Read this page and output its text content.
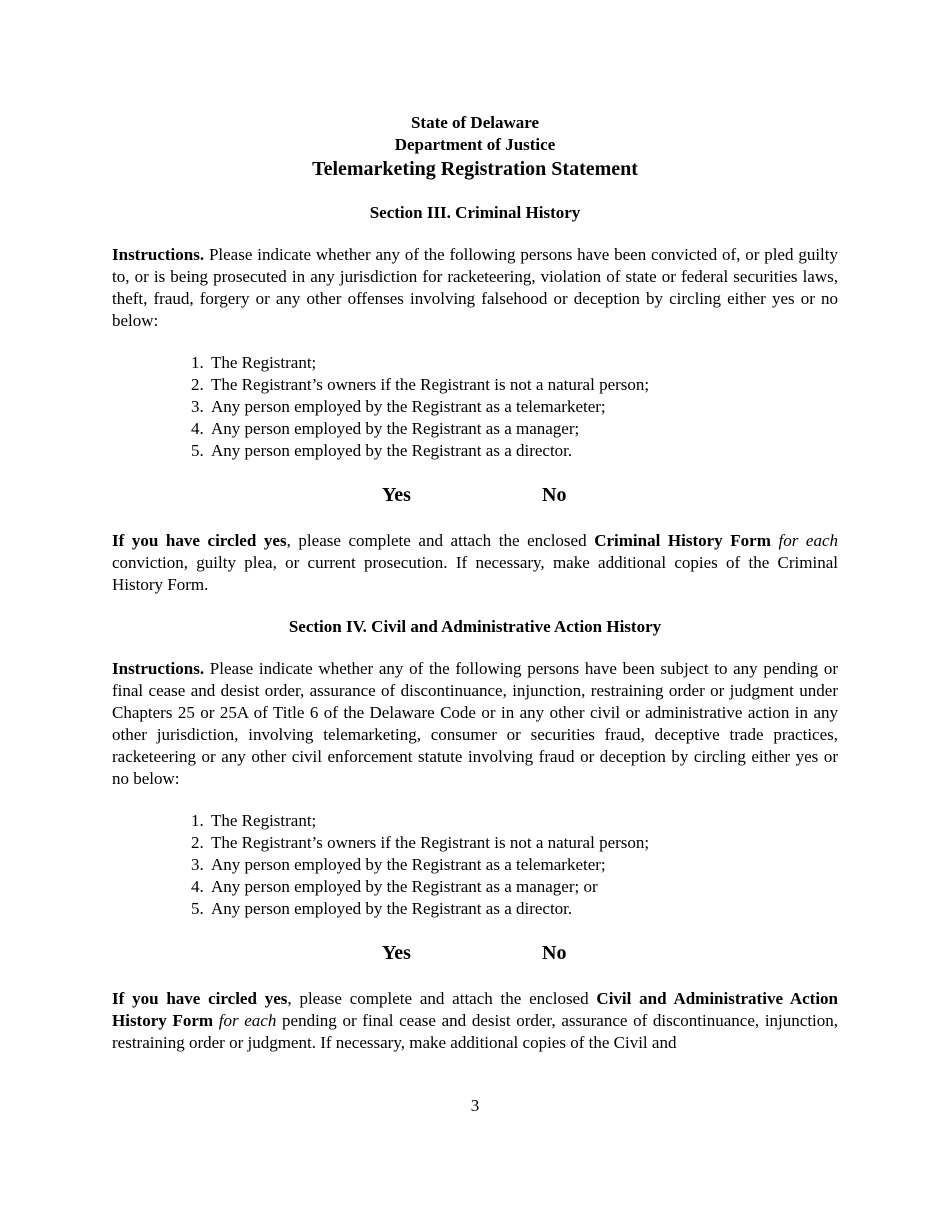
State of Delaware
Department of Justice
Telemarketing Registration Statement
Section III. Criminal History
Instructions. Please indicate whether any of the following persons have been convicted of, or pled guilty to, or is being prosecuted in any jurisdiction for racketeering, violation of state or federal securities laws, theft, fraud, forgery or any other offenses involving falsehood or deception by circling either yes or no below:
1. The Registrant;
2. The Registrant’s owners if the Registrant is not a natural person;
3. Any person employed by the Registrant as a telemarketer;
4. Any person employed by the Registrant as a manager;
5. Any person employed by the Registrant as a director.
Yes	No
If you have circled yes, please complete and attach the enclosed Criminal History Form for each conviction, guilty plea, or current prosecution. If necessary, make additional copies of the Criminal History Form.
Section IV. Civil and Administrative Action History
Instructions. Please indicate whether any of the following persons have been subject to any pending or final cease and desist order, assurance of discontinuance, injunction, restraining order or judgment under Chapters 25 or 25A of Title 6 of the Delaware Code or in any other civil or administrative action in any other jurisdiction, involving telemarketing, consumer or securities fraud, deceptive trade practices, racketeering or any other civil enforcement statute involving fraud or deception by circling either yes or no below:
1. The Registrant;
2. The Registrant’s owners if the Registrant is not a natural person;
3. Any person employed by the Registrant as a telemarketer;
4. Any person employed by the Registrant as a manager; or
5. Any person employed by the Registrant as a director.
Yes	No
If you have circled yes, please complete and attach the enclosed Civil and Administrative Action History Form for each pending or final cease and desist order, assurance of discontinuance, injunction, restraining order or judgment. If necessary, make additional copies of the Civil and
3
